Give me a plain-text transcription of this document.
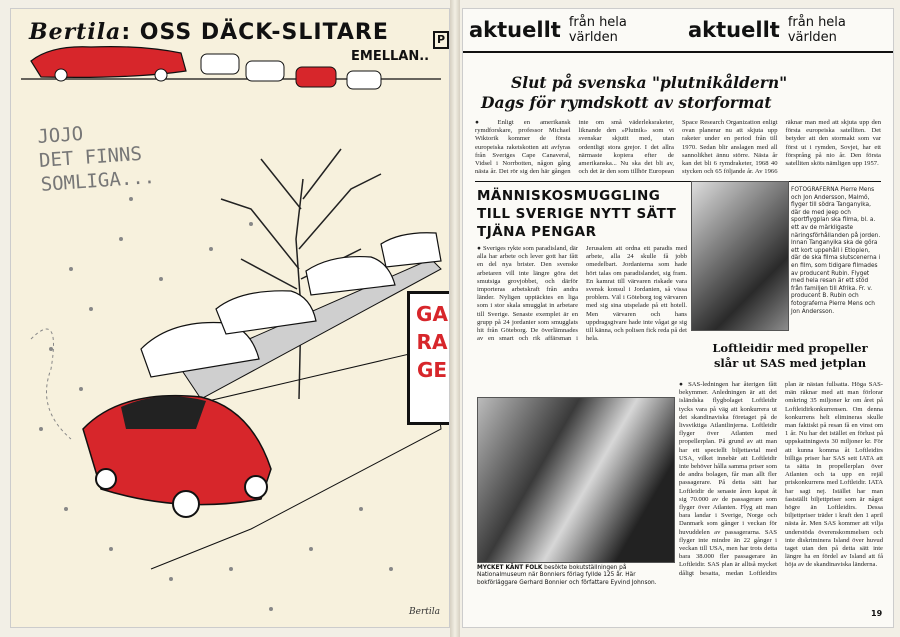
Bertila: OSS DÄCK-SLITARE
EMELLAN..
P
JOJO
DET FINNS
SOMLIGA...
GA
RA
GE
Bertila
aktuellt från hela världen	aktuellt från hela världen
Slut på svenska "plutnikåldern"
Dags för rymdskott av storformat
● Enligt en amerikansk rymdforskare, professor Michael Wiktorik kommer de första europeiska raketskotten att avfyras från Sveriges Cape Canaveral, Vidsel i Norrbotten, någon gång nästa år. Det rör sig den här gången inte om små väderleksraketer, liknande den »Plutnik» som vi svenskar skjutit med, utan ordentligt stora grejor. I det allra närmaste kopiera efter de amerikanska... Nu ska det bli av, och det är den som tillhör European Space Research Organization enligt ovan planerar nu att skjuta upp raketer under en period från till 1970. Sedan blir anslagen med all sannolikhet ännu större. Nästa år kan det bli 6 rymdraketer, 1968 40 stycken och 65 följande år. Av 1966 räknar man med att skjuta upp den första europeiska satelliten. Det betyder att den stormakt som var först ut i rymden, Sovjet, har ett försprång på nio år. Den första satelliten sköts nämligen upp 1957.
MÄNNISKOSMUGGLING TILL SVERIGE NYTT SÄTT TJÄNA PENGAR
● Sveriges rykte som paradisland, där alla har arbete och lever gott har fått en del nya brister. Den svenske arbetaren vill inte längre göra det smutsiga grovjobbet, och därför importeras arbetskraft från andra länder. Nyligen upptäcktes en liga som i stor skala smugglat in arbetare till Sverige. Senaste exemplet är en grupp på 24 jordanier som smugglats hit från Göteborg. De överlämnades av en smart och rik affärsman i Jerusalem att ordna ett paradis med arbete, alla 24 skulle få jobb omedelbart. Jordanierna som hade hört talas om paradislandet, sig fram. En kamrat till värvaren riskade vara svensk konsul i Jordanien, så vissa problem. Väl i Göteborg tog värvaren med sig sina utspelade på ett hotell. Men värvaren och hans uppdragsgivare hade inte vågat ge sig till känna, och polisen fick reda på det hela.
FOTOGRAFERNA Pierre Mens och Jon Andersson, Malmö, flyger till södra Tanganyika, där de med jeep och sportflygplan ska filma, bl. a. ett av de märkligaste näringsförhållanden på jorden. Innan Tanganyika ska de göra ett kort uppehåll i Etiopien, där de ska filma slutscenerna i en film, som tidigare filmades av producent Rubin. Flyget med hela resan är ett stöd från familjen till Afrika. Fr. v. producent B. Rubin och fotograferna Pierre Mens och Jon Andersson.
Loftleidir med propeller
slår ut SAS med jetplan
● SAS-ledningen har återigen fått bekymmer. Anledningen är att det isländska flygbolaget Loftleidir tycks vara på väg att konkurrera ut det skandinaviska företaget på de livsviktiga Atlantlinjerna. Loftleidir flyger över Atlanten med propellerplan. På grund av att man har ett speciellt biljettavtal med USA, vilket innebär att Loftleidir inte behöver hålla samma priser som de andra bolagen, får man allt fler passagerare. På detta sätt har Loftleidir de senaste åren kapat åt sig 70.000 av de passagerare som flyger över Atlanten. Flyg att man bara landar i Sverige, Norge och Danmark som gånger i veckan för huvuddelen av passagerarna. SAS flyger inte mindre än 22 gånger i veckan till USA, men har trots detta bara 38.000 fler passagerare än Loftleidir. SAS plan är alltså mycket dåligt besatta, medan Loftleidirs plan är nästan fullsatta. Höga SAS-män räknar med att man förlorar omkring 35 miljoner kr om året på Loftleidirkonkurrensen. Om denna konkurrens helt elimineras skulle man faktiskt på resan få en vinst om 1 år. Nu har det istället en förlust på uppskattningsvis 30 miljoner kr. För att kunna komma åt Loftleidirs billiga priser har SAS sett IATA att ta sätta in propellerplan över Atlanten och ta upp en rejäl priskonkurrens med Loftleidir. IATA har sagt nej. Istället har man fastställt biljettpriser som är något högre än Loftleidirs. Dessa biljettpriser träder i kraft den 1 april nästa år. Men SAS kommer att vilja understöda överenskommelsen och inte diskriminera Island över huvud taget utan den på detta sätt inte längre ha en fördel av Island att få höja av de skandinaviska länderna.
MYCKET KÄNT FOLK besökte bokutställningen på Nationalmuseum när Bonniers förlag fyllde 125 år. Här bokförläggare Gerhard Bonnier och författare Eyvind Johnson.
19
